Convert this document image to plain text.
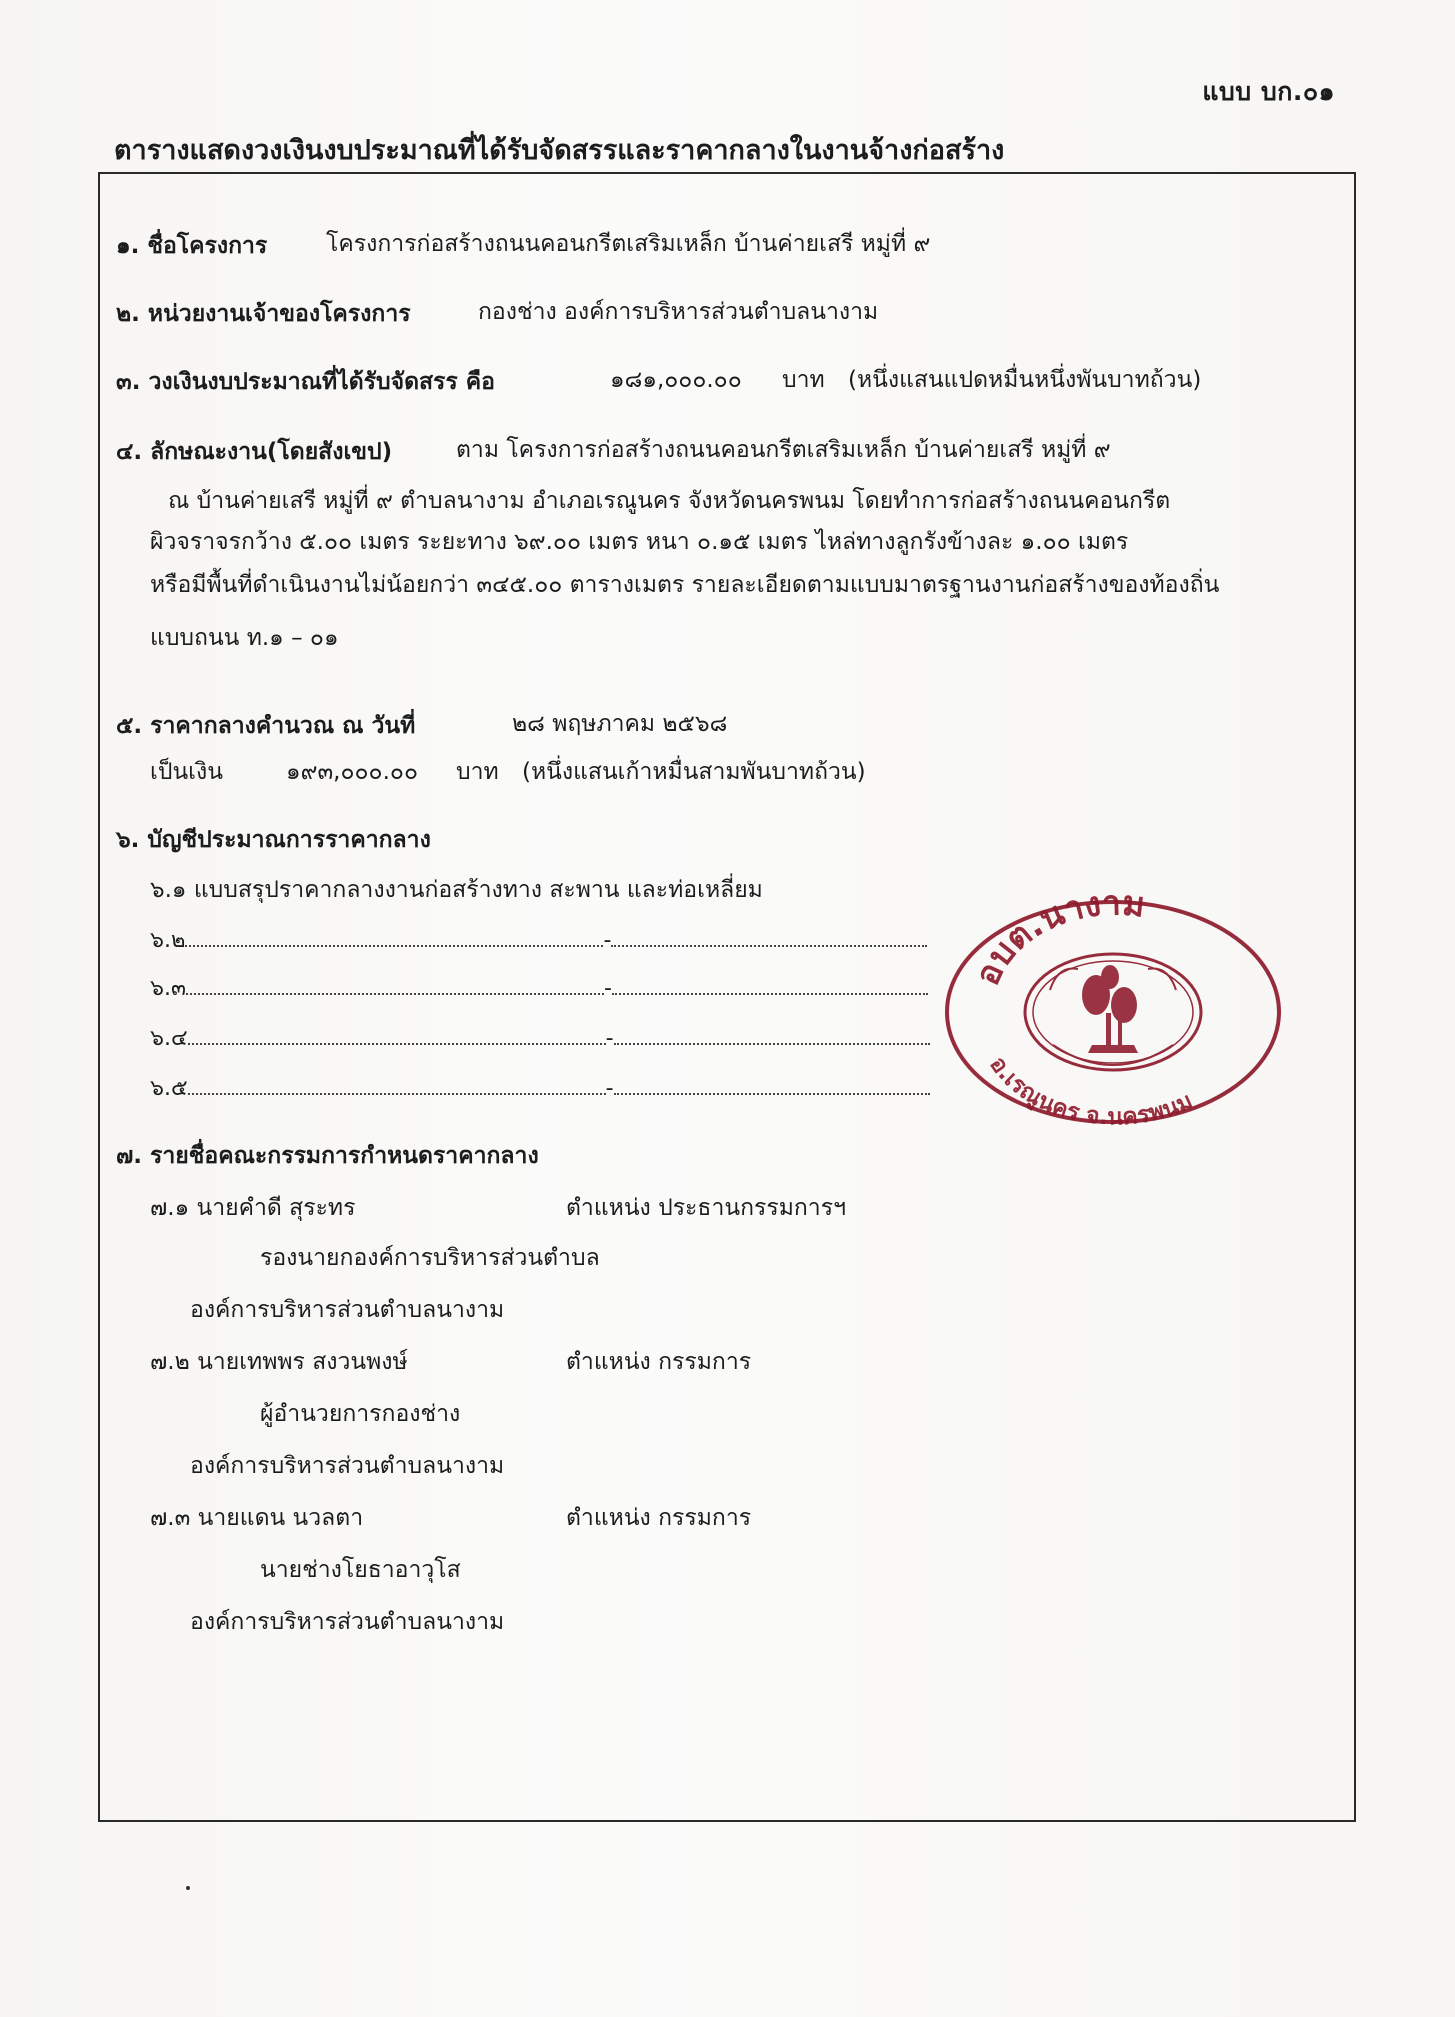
แบบ บก.๐๑
ตารางแสดงวงเงินงบประมาณที่ได้รับจัดสรรและราคากลางในงานจ้างก่อสร้าง
๑. ชื่อโครงการ	โครงการก่อสร้างถนนคอนกรีตเสริมเหล็ก บ้านค่ายเสรี หมู่ที่ ๙
๒. หน่วยงานเจ้าของโครงการ	กองช่าง องค์การบริหารส่วนตำบลนางาม
๓. วงเงินงบประมาณที่ได้รับจัดสรร คือ	๑๘๑,๐๐๐.๐๐ บาท (หนึ่งแสนแปดหมื่นหนึ่งพันบาทถ้วน)
๔. ลักษณะงาน(โดยสังเขป)	ตาม โครงการก่อสร้างถนนคอนกรีตเสริมเหล็ก บ้านค่ายเสรี หมู่ที่ ๙
ณ บ้านค่ายเสรี หมู่ที่ ๙ ตำบลนางาม อำเภอเรณูนคร จังหวัดนครพนม โดยทำการก่อสร้างถนนคอนกรีต
ผิวจราจรกว้าง ๕.๐๐ เมตร ระยะทาง ๖๙.๐๐ เมตร หนา ๐.๑๕ เมตร ไหล่ทางลูกรังข้างละ ๑.๐๐ เมตร
หรือมีพื้นที่ดำเนินงานไม่น้อยกว่า ๓๔๕.๐๐ ตารางเมตร รายละเอียดตามแบบมาตรฐานงานก่อสร้างของท้องถิ่น
แบบถนน ท.๑ – ๐๑
๕. ราคากลางคำนวณ ณ วันที่	๒๘ พฤษภาคม ๒๕๖๘
เป็นเงิน	๑๙๓,๐๐๐.๐๐ บาท (หนึ่งแสนเก้าหมื่นสามพันบาทถ้วน)
๖. บัญชีประมาณการราคากลาง
๖.๑ แบบสรุปราคากลางงานก่อสร้างทาง สะพาน และท่อเหลี่ยม
๖.๒	-
๖.๓	-
๖.๔	-
๖.๕	-
๗. รายชื่อคณะกรรมการกำหนดราคากลาง
๗.๑ นายคำดี สุระทร	ตำแหน่ง ประธานกรรมการฯ
รองนายกองค์การบริหารส่วนตำบล
องค์การบริหารส่วนตำบลนางาม
๗.๒ นายเทพพร สงวนพงษ์	ตำแหน่ง กรรมการ
ผู้อำนวยการกองช่าง
องค์การบริหารส่วนตำบลนางาม
๗.๓ นายแดน นวลตา	ตำแหน่ง กรรมการ
นายช่างโยธาอาวุโส
องค์การบริหารส่วนตำบลนางาม
อบต.นางาม
อ.เรณูนคร จ.นครพนม
